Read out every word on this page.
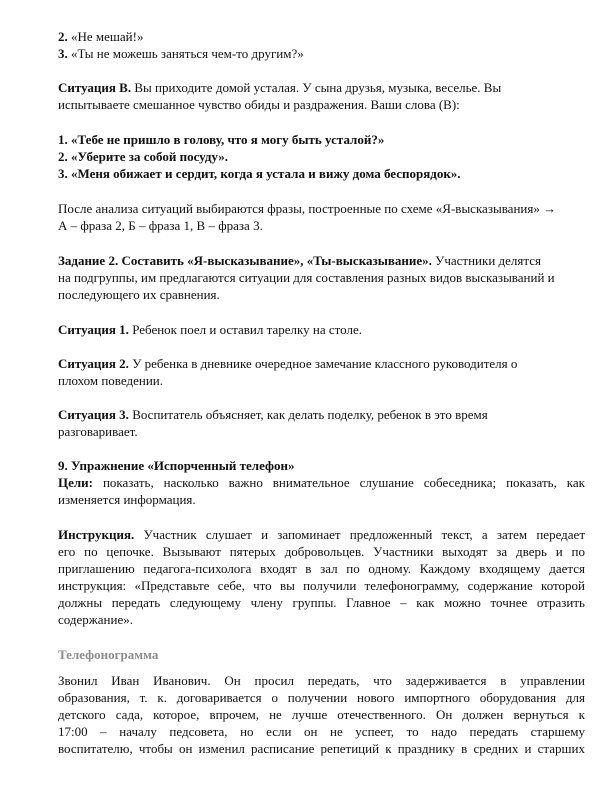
2. «Не мешай!»
3. «Ты не можешь заняться чем-то другим?»
Ситуация В. Вы приходите домой усталая. У сына друзья, музыка, веселье. Вы
испытываете смешанное чувство обиды и раздражения. Ваши слова (В):
1. «Тебе не пришло в голову, что я могу быть усталой?»
2. «Уберите за собой посуду».
3. «Меня обижает и сердит, когда я устала и вижу дома беспорядок».
После анализа ситуаций выбираются фразы, построенные по схеме «Я-высказывания» →
А – фраза 2, Б – фраза 1, В – фраза 3.
Задание 2. Составить «Я-высказывание», «Ты-высказывание». Участники делятся
на подгруппы, им предлагаются ситуации для составления разных видов высказываний и
последующего их сравнения.
Ситуация 1. Ребенок поел и оставил тарелку на столе.
Ситуация 2. У ребенка в дневнике очередное замечание классного руководителя о
плохом поведении.
Ситуация 3. Воспитатель объясняет, как делать поделку, ребенок в это время
разговаривает.
9. Упражнение «Испорченный телефон»
Цели: показать, насколько важно внимательное слушание собеседника; показать, как
изменяется информация.
Инструкция. Участник слушает и запоминает предложенный текст, а затем передает
его по цепочке. Вызывают пятерых добровольцев. Участники выходят за дверь и по
приглашению педагога-психолога входят в зал по одному. Каждому входящему дается
инструкция: «Представьте себе, что вы получили телефонограмму, содержание которой
должны передать следующему члену группы. Главное – как можно точнее отразить
содержание».
Телефонограмма
Звонил Иван Иванович. Он просил передать, что задерживается в управлении
образования, т. к. договаривается о получении нового импортного оборудования для
детского сада, которое, впрочем, не лучше отечественного. Он должен вернуться к
17:00 – началу педсовета, но если он не успеет, то надо передать старшему
воспитателю, чтобы он изменил расписание репетиций к празднику в средних и старших
